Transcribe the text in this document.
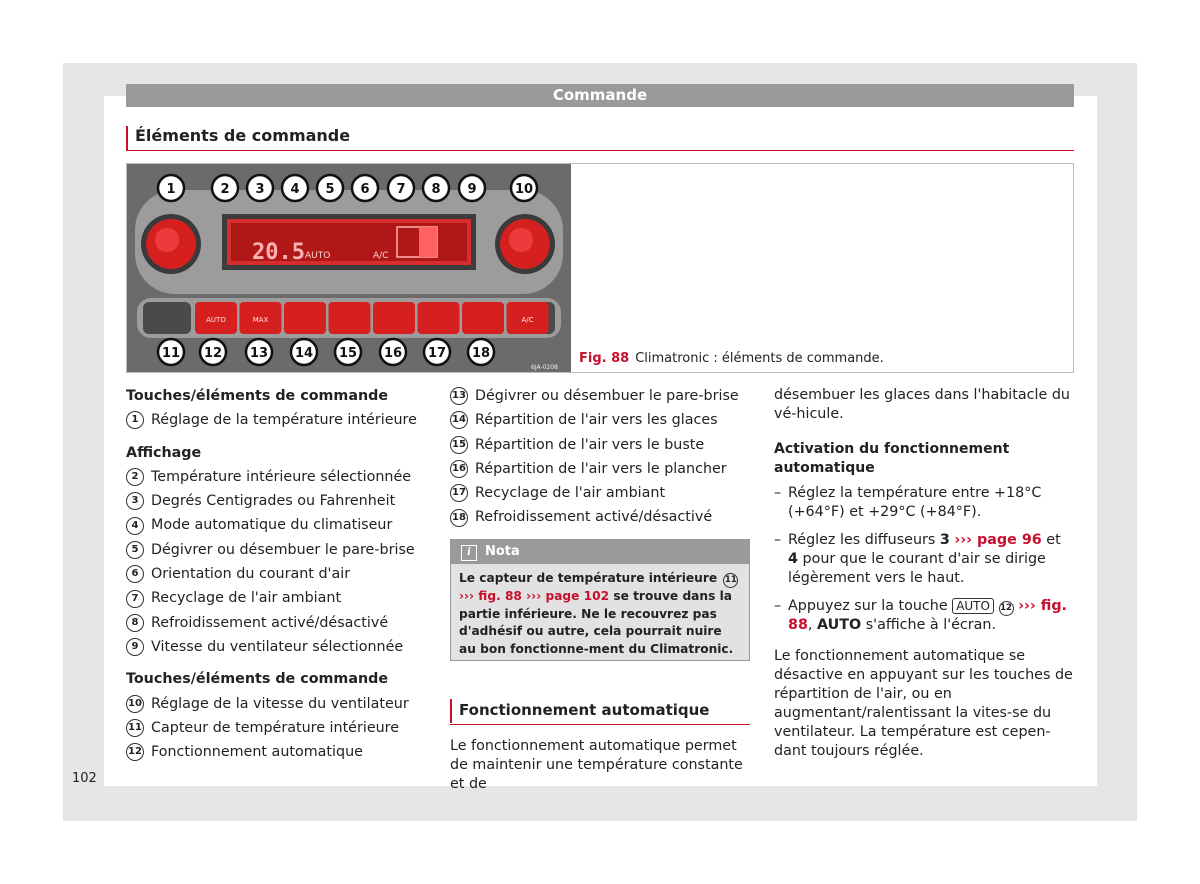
Commande
Éléments de commande
20.5 AUTO	A/C
AUTO	MAX	A/C
1	2 3 4 5 6 7 8 9	10
11 12 13 14 15 16 17 18
6JA-0208
Fig. 88 Climatronic : éléments de commande.
Touches/éléments de commande
1 Réglage de la température intérieure
Affichage
2 Température intérieure sélectionnée
3 Degrés Centigrades ou Fahrenheit
4 Mode automatique du climatiseur
5 Dégivrer ou désembuer le pare-brise
6 Orientation du courant d'air
7 Recyclage de l'air ambiant
8 Refroidissement activé/désactivé
9 Vitesse du ventilateur sélectionnée
Touches/éléments de commande
10 Réglage de la vitesse du ventilateur
11 Capteur de température intérieure
12 Fonctionnement automatique
13 Dégivrer ou désembuer le pare-brise
14 Répartition de l'air vers les glaces
15 Répartition de l'air vers le buste
16 Répartition de l'air vers le plancher
17 Recyclage de l'air ambiant
18 Refroidissement activé/désactivé
i Nota
Le capteur de température intérieure 11 ››› fig. 88 ››› page 102 se trouve dans la partie inférieure. Ne le recouvrez pas d'adhésif ou autre, cela pourrait nuire au bon fonctionne-ment du Climatronic.
Fonctionnement automatique
Le fonctionnement automatique permet de maintenir une température constante et de
désembuer les glaces dans l'habitacle du vé-hicule.
Activation du fonctionnement automatique
– Réglez la température entre +18°C (+64°F) et +29°C (+84°F).
– Réglez les diffuseurs 3 ››› page 96 et 4 pour que le courant d'air se dirige légèrement vers le haut.
– Appuyez sur la touche AUTO 12 ››› fig. 88, AUTO s'affiche à l'écran.
Le fonctionnement automatique se désactive en appuyant sur les touches de répartition de l'air, ou en augmentant/ralentissant la vites-se du ventilateur. La température est cepen-dant toujours réglée.
102
